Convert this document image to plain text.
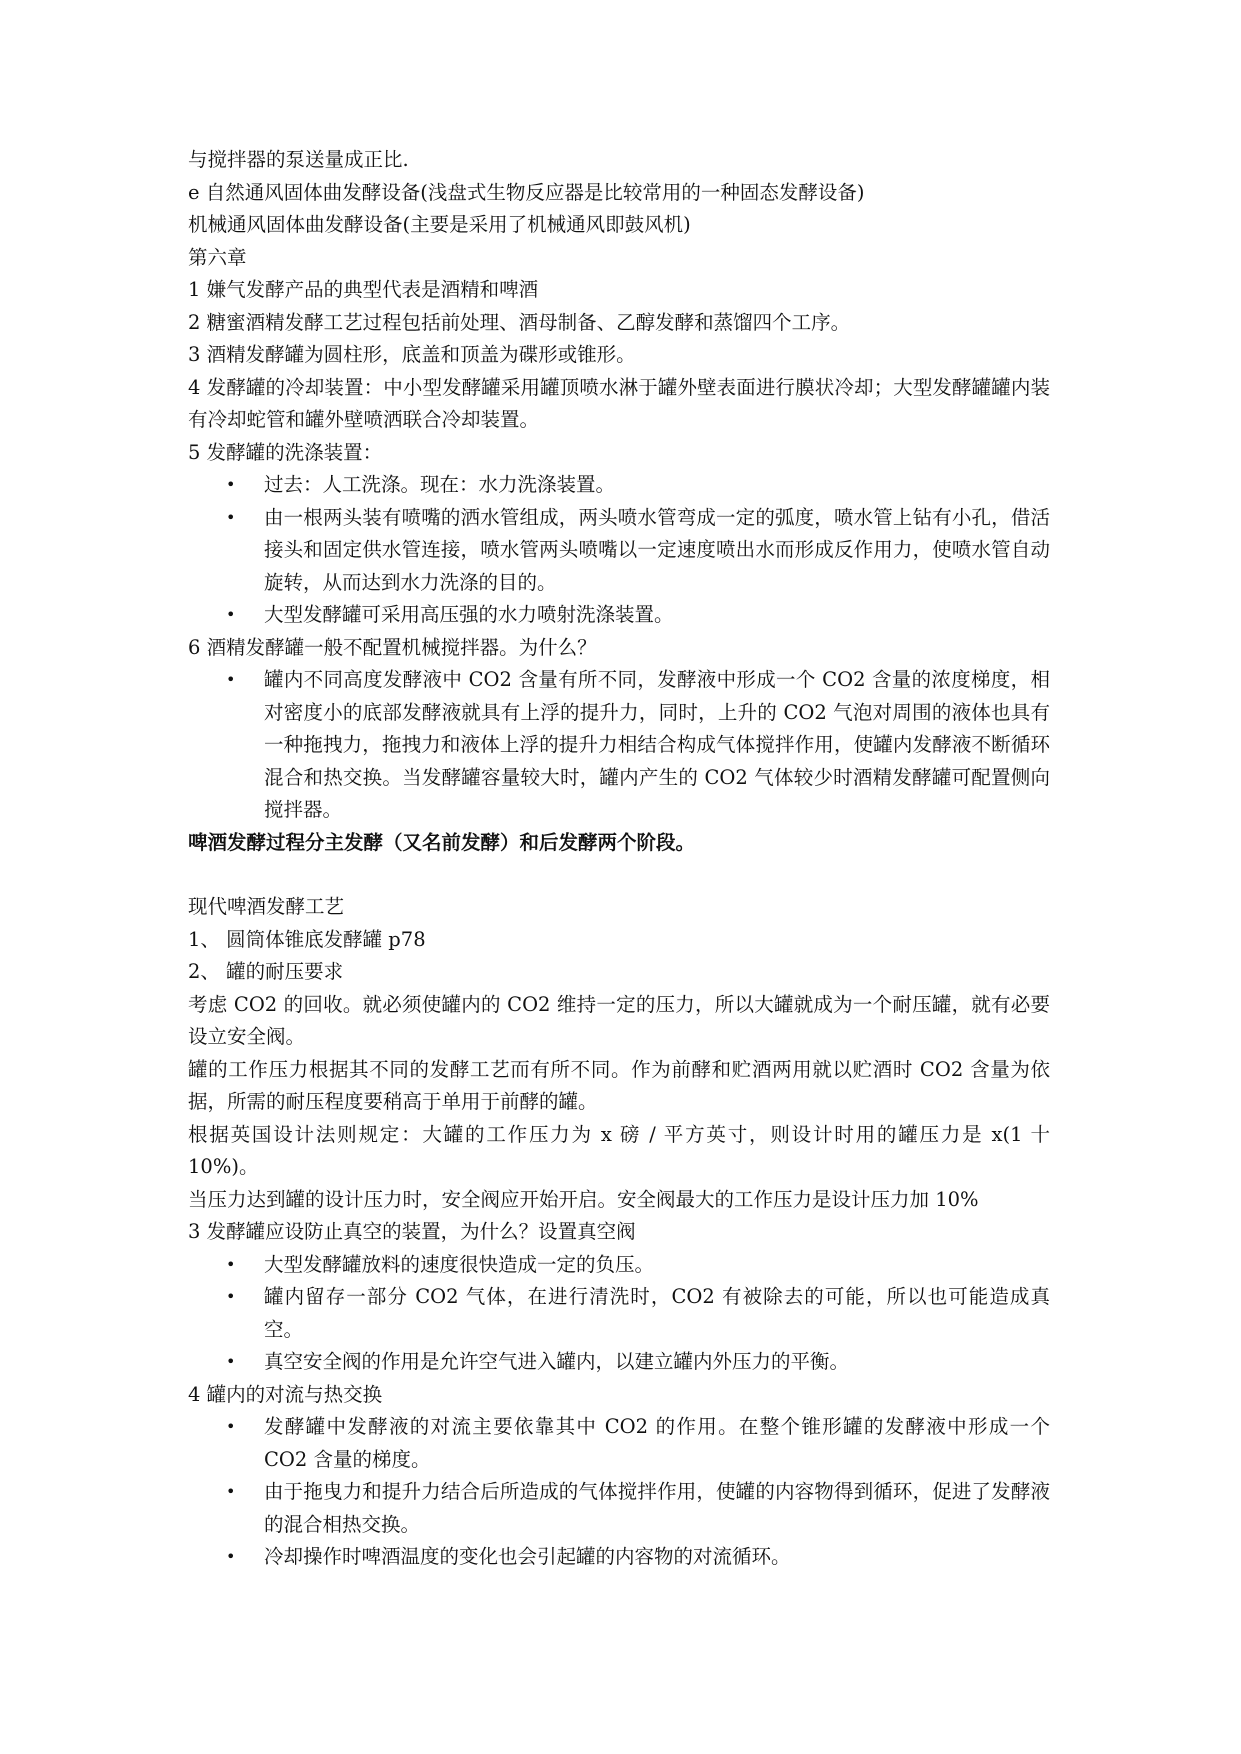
与搅拌器的泵送量成正比.

e 自然通风固体曲发酵设备(浅盘式生物反应器是比较常用的一种固态发酵设备)

机械通风固体曲发酵设备(主要是采用了机械通风即鼓风机)

第六章

1 嫌气发酵产品的典型代表是酒精和啤酒

2 糖蜜酒精发酵工艺过程包括前处理、酒母制备、乙醇发酵和蒸馏四个工序。

3 酒精发酵罐为圆柱形，底盖和顶盖为碟形或锥形。

4 发酵罐的冷却装置：中小型发酵罐采用罐顶喷水淋于罐外壁表面进行膜状冷却；大型发酵罐罐内装有冷却蛇管和罐外壁喷洒联合冷却装置。

5 发酵罐的洗涤装置：

• 过去：人工洗涤。现在：水力洗涤装置。
• 由一根两头装有喷嘴的洒水管组成，两头喷水管弯成一定的弧度，喷水管上钻有小孔，借活接头和固定供水管连接，喷水管两头喷嘴以一定速度喷出水而形成反作用力，使喷水管自动旋转，从而达到水力洗涤的目的。
• 大型发酵罐可采用高压强的水力喷射洗涤装置。

6 酒精发酵罐一般不配置机械搅拌器。为什么？

• 罐内不同高度发酵液中 CO2 含量有所不同，发酵液中形成一个 CO2 含量的浓度梯度，相对密度小的底部发酵液就具有上浮的提升力，同时，上升的 CO2 气泡对周围的液体也具有一种拖拽力，拖拽力和液体上浮的提升力相结合构成气体搅拌作用，使罐内发酵液不断循环混合和热交换。当发酵罐容量较大时，罐内产生的 CO2 气体较少时酒精发酵罐可配置侧向搅拌器。

啤酒发酵过程分主发酵（又名前发酵）和后发酵两个阶段。

现代啤酒发酵工艺

1、 圆筒体锥底发酵罐 p78

2、 罐的耐压要求

考虑 CO2 的回收。就必须使罐内的 CO2 维持一定的压力，所以大罐就成为一个耐压罐，就有必要设立安全阀。

罐的工作压力根据其不同的发酵工艺而有所不同。作为前酵和贮酒两用就以贮酒时 CO2 含量为依据，所需的耐压程度要稍高于单用于前酵的罐。

根据英国设计法则规定：大罐的工作压力为 x 磅 / 平方英寸，则设计时用的罐压力是 x(1 十 10%)。

当压力达到罐的设计压力时，安全阀应开始开启。安全阀最大的工作压力是设计压力加 10%

3 发酵罐应设防止真空的装置，为什么？设置真空阀

• 大型发酵罐放料的速度很快造成一定的负压。
• 罐内留存一部分 CO2 气体，在进行清洗时，CO2 有被除去的可能，所以也可能造成真空。
• 真空安全阀的作用是允许空气进入罐内，以建立罐内外压力的平衡。

4 罐内的对流与热交换

• 发酵罐中发酵液的对流主要依靠其中 CO2 的作用。在整个锥形罐的发酵液中形成一个 CO2 含量的梯度。
• 由于拖曳力和提升力结合后所造成的气体搅拌作用，使罐的内容物得到循环，促进了发酵液的混合相热交换。
• 冷却操作时啤酒温度的变化也会引起罐的内容物的对流循环。
